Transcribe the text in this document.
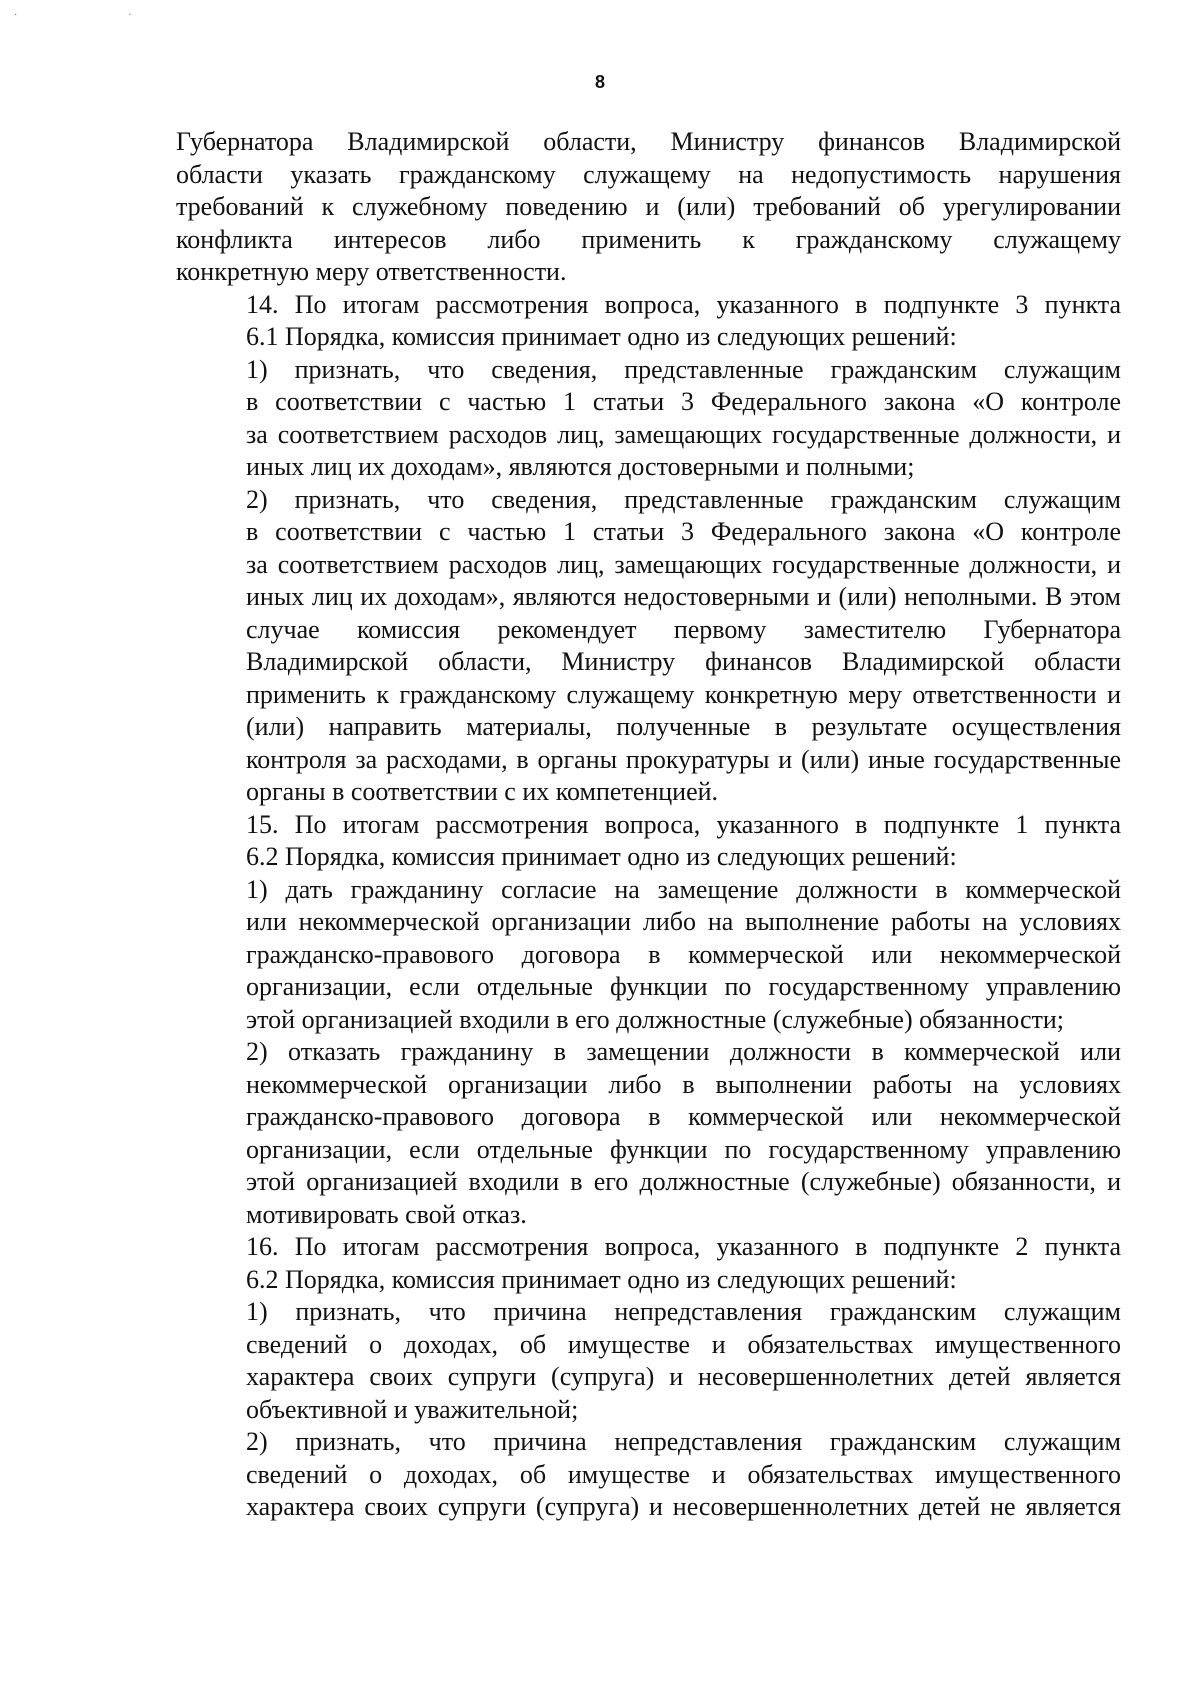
· ·
8
Губернатора Владимирской области, Министру финансов Владимирской
области указать гражданскому служащему на недопустимость нарушения
требований к служебному поведению и (или) требований об урегулировании
конфликта интересов либо применить к гражданскому служащему
конкретную меру ответственности.
14. По итогам рассмотрения вопроса, указанного в подпункте 3 пункта
6.1 Порядка, комиссия принимает одно из следующих решений:
1) признать, что сведения, представленные гражданским служащим
в соответствии с частью 1 статьи 3 Федерального закона «О контроле
за соответствием расходов лиц, замещающих государственные должности, и
иных лиц их доходам», являются достоверными и полными;
2) признать, что сведения, представленные гражданским служащим
в соответствии с частью 1 статьи 3 Федерального закона «О контроле
за соответствием расходов лиц, замещающих государственные должности, и
иных лиц их доходам», являются недостоверными и (или) неполными. В этом
случае комиссия рекомендует первому заместителю Губернатора
Владимирской области, Министру финансов Владимирской области
применить к гражданскому служащему конкретную меру ответственности и
(или) направить материалы, полученные в результате осуществления
контроля за расходами, в органы прокуратуры и (или) иные государственные
органы в соответствии с их компетенцией.
15. По итогам рассмотрения вопроса, указанного в подпункте 1 пункта
6.2 Порядка, комиссия принимает одно из следующих решений:
1) дать гражданину согласие на замещение должности в коммерческой
или некоммерческой организации либо на выполнение работы на условиях
гражданско-правового договора в коммерческой или некоммерческой
организации, если отдельные функции по государственному управлению
этой организацией входили в его должностные (служебные) обязанности;
2) отказать гражданину в замещении должности в коммерческой или
некоммерческой организации либо в выполнении работы на условиях
гражданско-правового договора в коммерческой или некоммерческой
организации, если отдельные функции по государственному управлению
этой организацией входили в его должностные (служебные) обязанности, и
мотивировать свой отказ.
16. По итогам рассмотрения вопроса, указанного в подпункте 2 пункта
6.2 Порядка, комиссия принимает одно из следующих решений:
1) признать, что причина непредставления гражданским служащим
сведений о доходах, об имуществе и обязательствах имущественного
характера своих супруги (супруга) и несовершеннолетних детей является
объективной и уважительной;
2) признать, что причина непредставления гражданским служащим
сведений о доходах, об имуществе и обязательствах имущественного
характера своих супруги (супруга) и несовершеннолетних детей не является
